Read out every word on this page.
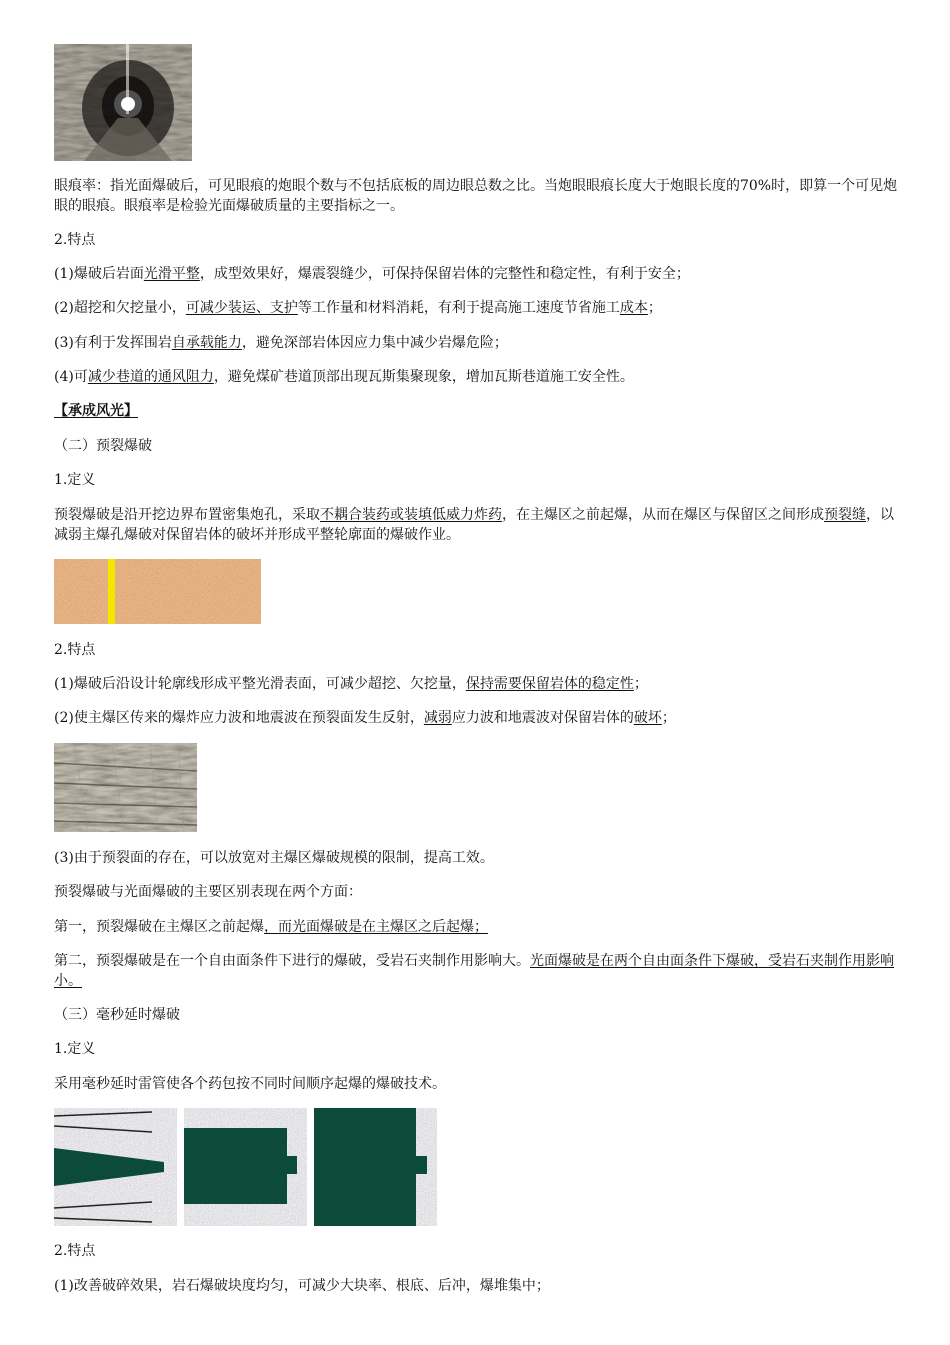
眼痕率：指光面爆破后，可见眼痕的炮眼个数与不包括底板的周边眼总数之比。当炮眼眼痕长度大于炮眼长度的70%时，即算一个可见炮眼的眼痕。眼痕率是检验光面爆破质量的主要指标之一。

2.特点

(1)爆破后岩面光滑平整，成型效果好，爆震裂缝少，可保持保留岩体的完整性和稳定性，有利于安全；

(2)超挖和欠挖量小，可减少装运、支护等工作量和材料消耗，有利于提高施工速度节省施工成本；

(3)有利于发挥围岩自承载能力，避免深部岩体因应力集中减少岩爆危险；

(4)可减少巷道的通风阻力，避免煤矿巷道顶部出现瓦斯集聚现象，增加瓦斯巷道施工安全性。

【承成风光】

（二）预裂爆破

1.定义

预裂爆破是沿开挖边界布置密集炮孔，采取不耦合装药或装填低威力炸药，在主爆区之前起爆，从而在爆区与保留区之间形成预裂缝，以减弱主爆孔爆破对保留岩体的破坏并形成平整轮廓面的爆破作业。

2.特点

(1)爆破后沿设计轮廓线形成平整光滑表面，可减少超挖、欠挖量，保持需要保留岩体的稳定性；

(2)使主爆区传来的爆炸应力波和地震波在预裂面发生反射，减弱应力波和地震波对保留岩体的破坏；

(3)由于预裂面的存在，可以放宽对主爆区爆破规模的限制，提高工效。

预裂爆破与光面爆破的主要区别表现在两个方面：

第一，预裂爆破在主爆区之前起爆，而光面爆破是在主爆区之后起爆；

第二，预裂爆破是在一个自由面条件下进行的爆破，受岩石夹制作用影响大。光面爆破是在两个自由面条件下爆破，受岩石夹制作用影响小。

（三）毫秒延时爆破

1.定义

采用毫秒延时雷管使各个药包按不同时间顺序起爆的爆破技术。

2.特点

(1)改善破碎效果，岩石爆破块度均匀，可减少大块率、根底、后冲，爆堆集中；
